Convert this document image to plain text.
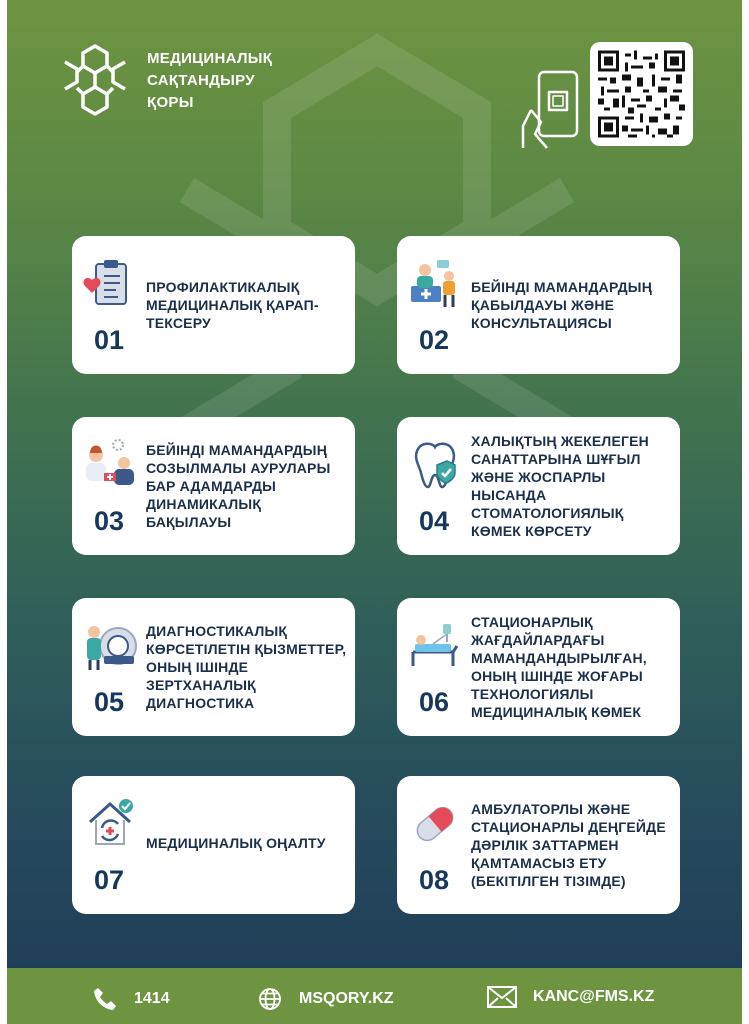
МЕДИЦИНАЛЫҚ
САҚТАНДЫРУ
ҚОРЫ
ПРОФИЛАКТИКАЛЫҚ МЕДИЦИНАЛЫҚ ҚАРАП-ТЕКСЕРУ
01
БЕЙІНДІ МАМАНДАРДЫҢ ҚАБЫЛДАУЫ ЖӘНЕ КОНСУЛЬТАЦИЯСЫ
02
БЕЙІНДІ МАМАНДАРДЫҢ СОЗЫЛМАЛЫ АУРУЛАРЫ БАР АДАМДАРДЫ ДИНАМИКАЛЫҚ БАҚЫЛАУЫ
03
ХАЛЫҚТЫҢ ЖЕКЕЛЕГЕН САНАТТАРЫНА ШҰҒЫЛ ЖӘНЕ ЖОСПАРЛЫ НЫСАНДА СТОМАТОЛОГИЯЛЫҚ КӨМЕК КӨРСЕТУ
04
ДИАГНОСТИКАЛЫҚ КӨРСЕТІЛЕТІН ҚЫЗМЕТТЕР, ОНЫҢ ІШІНДЕ ЗЕРТХАНАЛЫҚ ДИАГНОСТИКА
05
СТАЦИОНАРЛЫҚ ЖАҒДАЙЛАРДАҒЫ МАМАНДАНДЫРЫЛҒАН, ОНЫҢ ІШІНДЕ ЖОҒАРЫ ТЕХНОЛОГИЯЛЫ МЕДИЦИНАЛЫҚ КӨМЕК
06
МЕДИЦИНАЛЫҚ ОҢАЛТУ
07
АМБУЛАТОРЛЫ ЖӘНЕ СТАЦИОНАРЛЫ ДЕҢГЕЙДЕ ДӘРІЛІК ЗАТТАРМЕН ҚАМТАМАСЫЗ ЕТУ (БЕКІТІЛГЕН ТІЗІМДЕ)
08
1414	MSQORY.KZ	KANC@FMS.KZ
